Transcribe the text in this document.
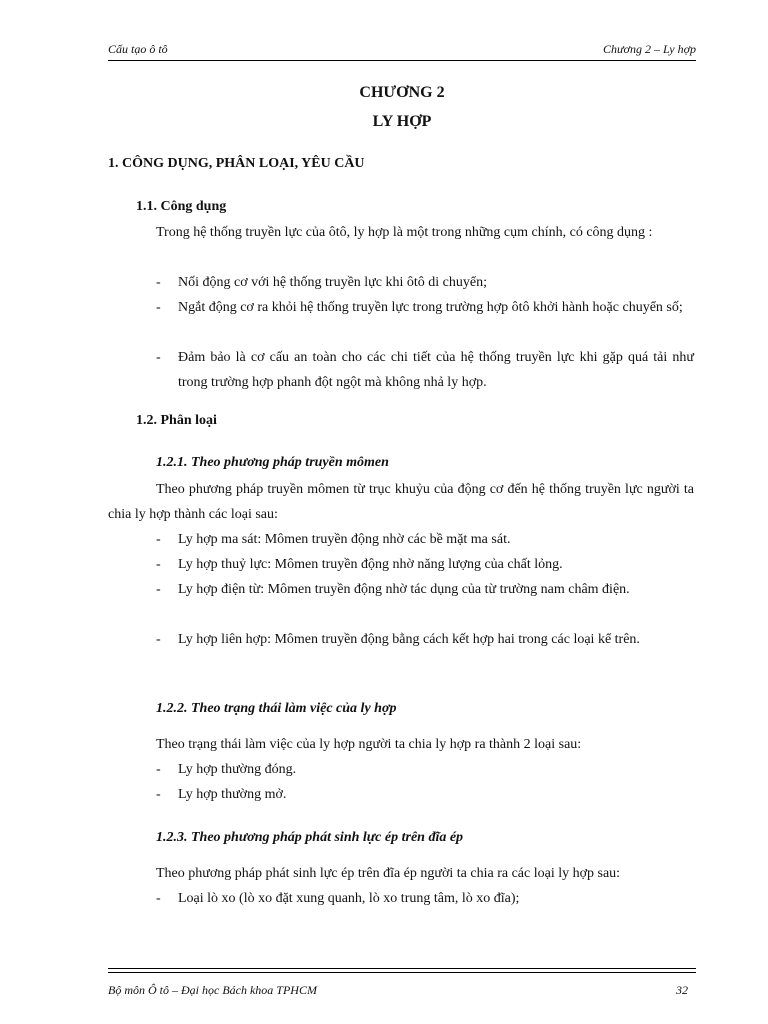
Cấu tạo ô tô	Chương 2 – Ly hợp
CHƯƠNG 2
LY HỢP
1. CÔNG DỤNG, PHÂN LOẠI, YÊU CẦU
1.1. Công dụng

Trong hệ thống truyền lực của ôtô, ly hợp là một trong những cụm chính, có công dụng :

- Nối động cơ với hệ thống truyền lực khi ôtô di chuyển;
- Ngắt động cơ ra khỏi hệ thống truyền lực trong trường hợp ôtô khởi hành hoặc chuyển số;
- Đảm bảo là cơ cấu an toàn cho các chi tiết của hệ thống truyền lực khi gặp quá tải như trong trường hợp phanh đột ngột mà không nhả ly hợp.
1.2. Phân loại
1.2.1. Theo phương pháp truyền mômen

Theo phương pháp truyền mômen từ trục khuỷu của động cơ đến hệ thống truyền lực người ta chia ly hợp thành các loại sau:

- Ly hợp ma sát: Mômen truyền động nhờ các bề mặt ma sát.
- Ly hợp thuỷ lực: Mômen truyền động nhờ năng lượng của chất lỏng.
- Ly hợp điện từ: Mômen truyền động nhờ tác dụng của từ trường nam châm điện.
- Ly hợp liên hợp: Mômen truyền động bằng cách kết hợp hai trong các loại kể trên.
1.2.2. Theo trạng thái làm việc của ly hợp

Theo trạng thái làm việc của ly hợp người ta chia ly hợp ra thành 2 loại sau:

- Ly hợp thường đóng.
- Ly hợp thường mở.
1.2.3. Theo phương pháp phát sinh lực ép trên đĩa ép

Theo phương pháp phát sinh lực ép trên đĩa ép người ta chia ra các loại ly hợp sau:

- Loại lò xo (lò xo đặt xung quanh, lò xo trung tâm, lò xo đĩa);
Bộ môn Ô tô – Đại học Bách khoa TPHCM	32
